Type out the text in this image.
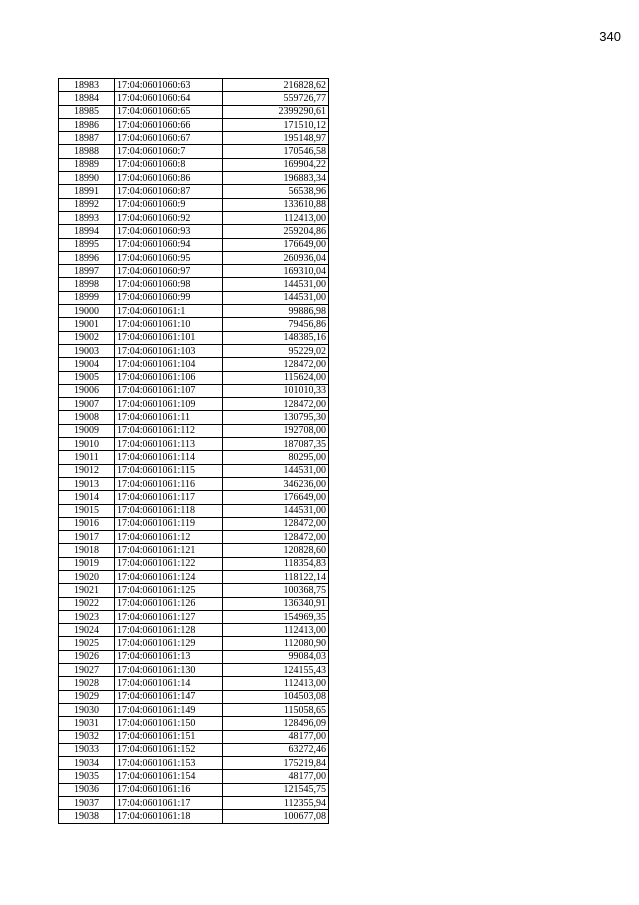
340
18983	17:04:0601060:63	216828,62
18984	17:04:0601060:64	559726,77
18985	17:04:0601060:65	2399290,61
18986	17:04:0601060:66	171510,12
18987	17:04:0601060:67	195148,97
18988	17:04:0601060:7	170546,58
18989	17:04:0601060:8	169904,22
18990	17:04:0601060:86	196883,34
18991	17:04:0601060:87	56538,96
18992	17:04:0601060:9	133610,88
18993	17:04:0601060:92	112413,00
18994	17:04:0601060:93	259204,86
18995	17:04:0601060:94	176649,00
18996	17:04:0601060:95	260936,04
18997	17:04:0601060:97	169310,04
18998	17:04:0601060:98	144531,00
18999	17:04:0601060:99	144531,00
19000	17:04:0601061:1	99886,98
19001	17:04:0601061:10	79456,86
19002	17:04:0601061:101	148385,16
19003	17:04:0601061:103	95229,02
19004	17:04:0601061:104	128472,00
19005	17:04:0601061:106	115624,00
19006	17:04:0601061:107	101010,33
19007	17:04:0601061:109	128472,00
19008	17:04:0601061:11	130795,30
19009	17:04:0601061:112	192708,00
19010	17:04:0601061:113	187087,35
19011	17:04:0601061:114	80295,00
19012	17:04:0601061:115	144531,00
19013	17:04:0601061:116	346236,00
19014	17:04:0601061:117	176649,00
19015	17:04:0601061:118	144531,00
19016	17:04:0601061:119	128472,00
19017	17:04:0601061:12	128472,00
19018	17:04:0601061:121	120828,60
19019	17:04:0601061:122	118354,83
19020	17:04:0601061:124	118122,14
19021	17:04:0601061:125	100368,75
19022	17:04:0601061:126	136340,91
19023	17:04:0601061:127	154969,35
19024	17:04:0601061:128	112413,00
19025	17:04:0601061:129	112080,90
19026	17:04:0601061:13	99084,03
19027	17:04:0601061:130	124155,43
19028	17:04:0601061:14	112413,00
19029	17:04:0601061:147	104503,08
19030	17:04:0601061:149	115058,65
19031	17:04:0601061:150	128496,09
19032	17:04:0601061:151	48177,00
19033	17:04:0601061:152	63272,46
19034	17:04:0601061:153	175219,84
19035	17:04:0601061:154	48177,00
19036	17:04:0601061:16	121545,75
19037	17:04:0601061:17	112355,94
19038	17:04:0601061:18	100677,08
